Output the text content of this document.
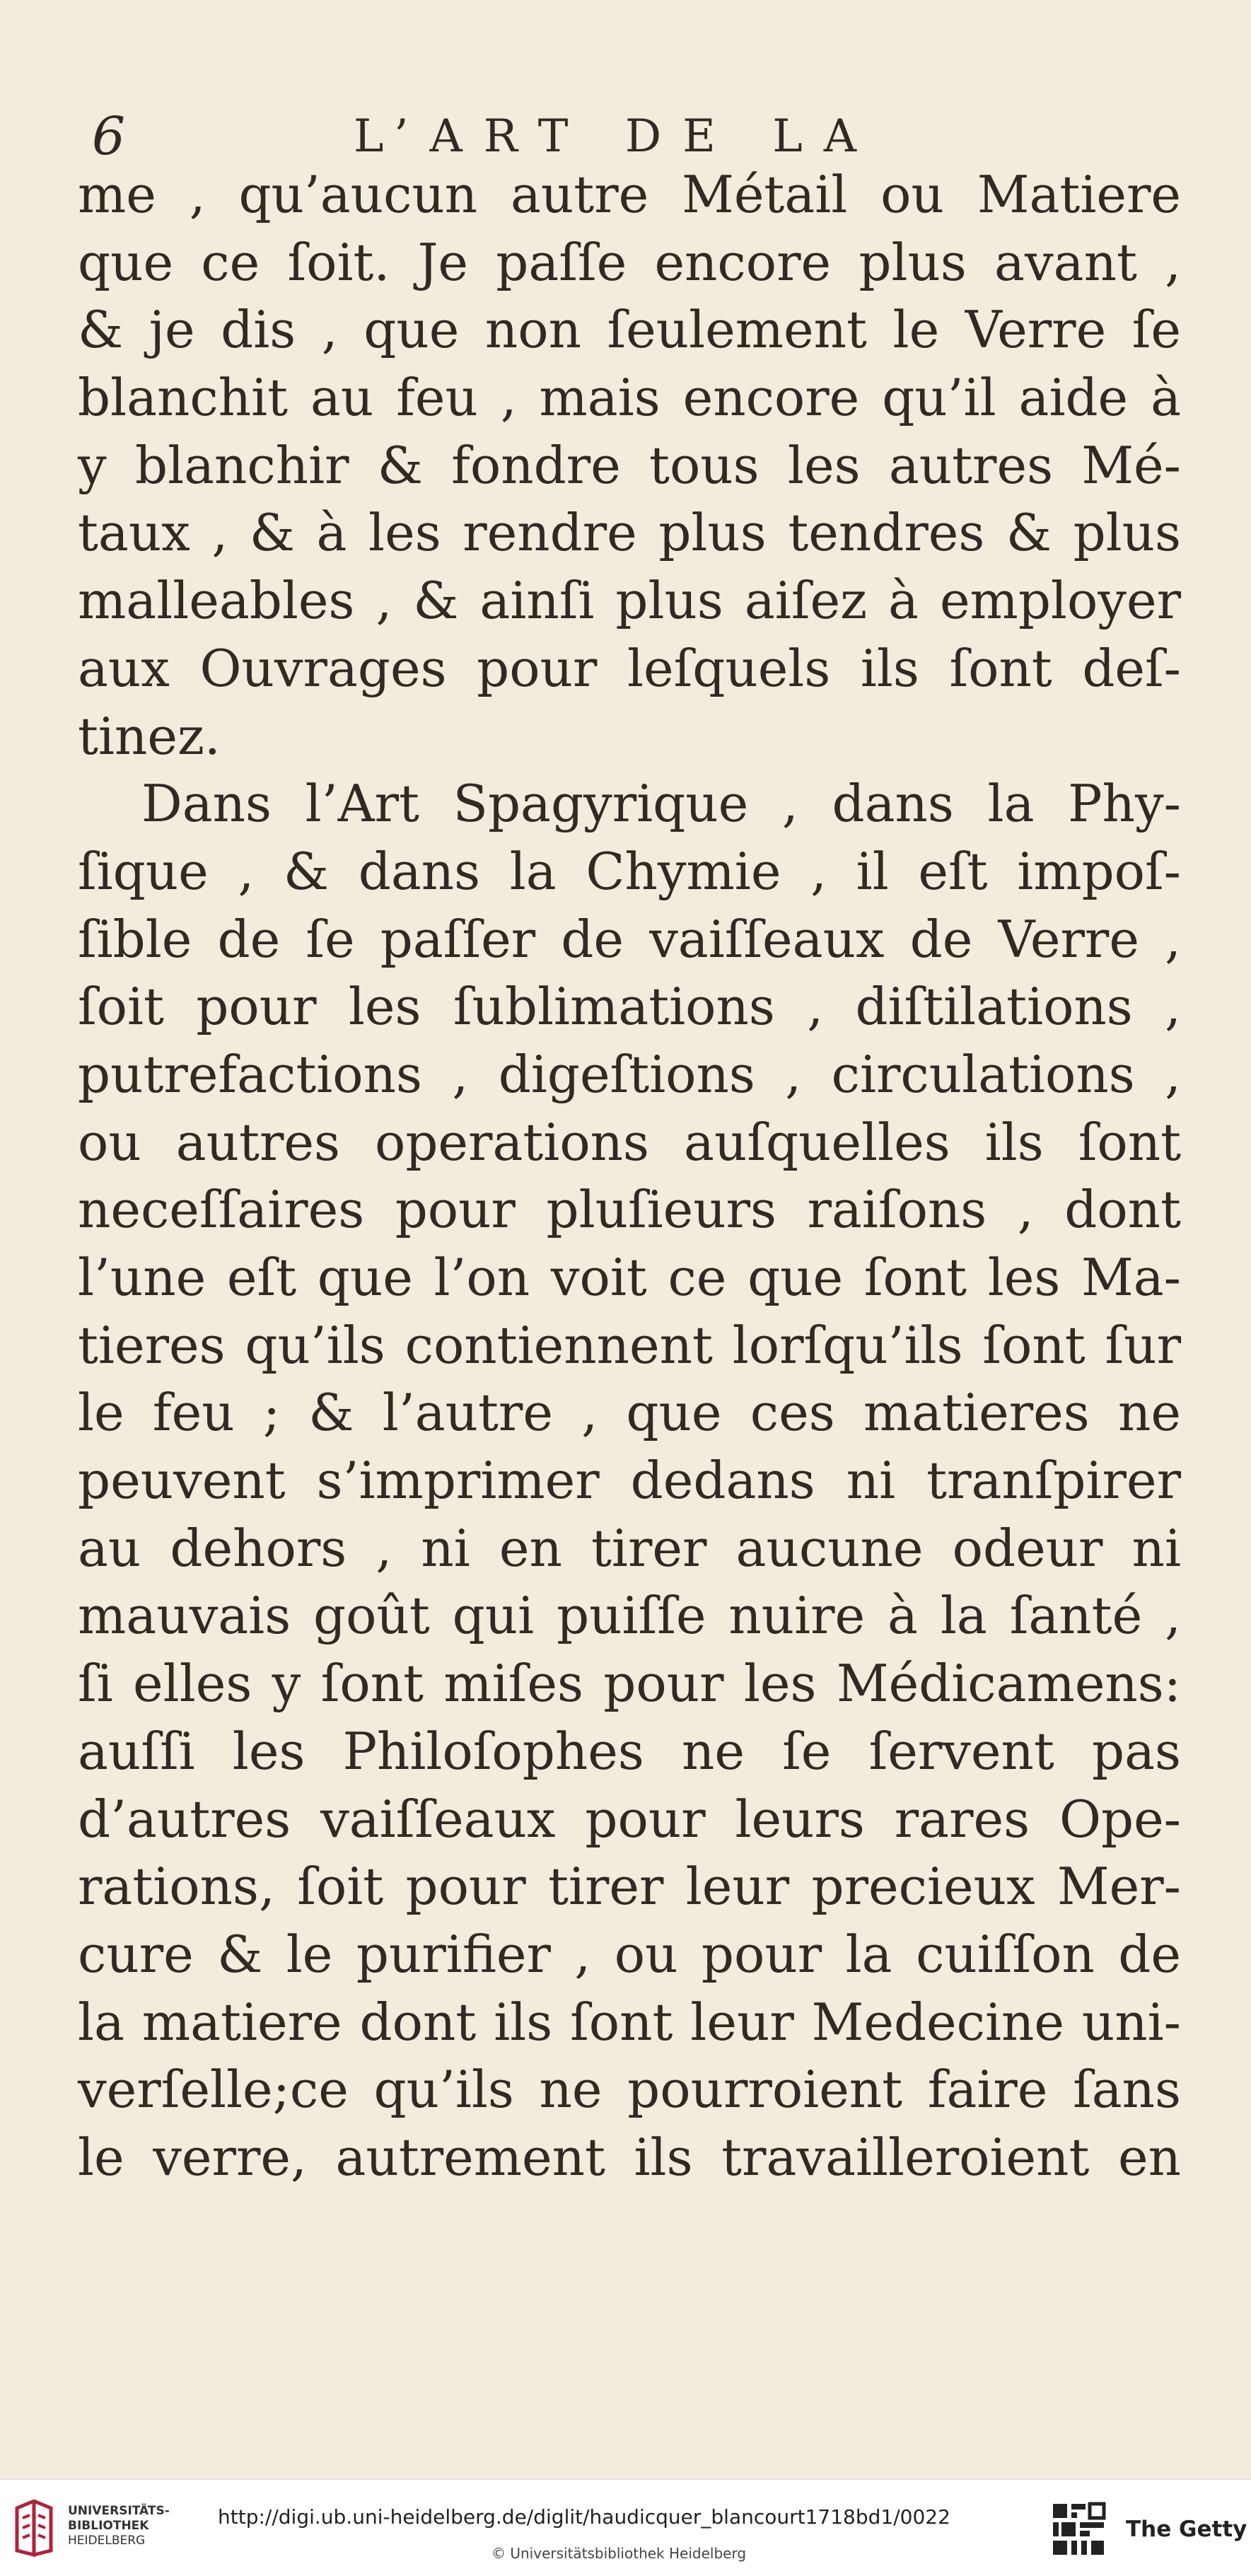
6	L’ART DE LA
me , qu’aucun autre Métail ou Matiere
que ce ſoit. Je paſſe encore plus avant ,
& je dis , que non ſeulement le Verre ſe
blanchit au feu , mais encore qu’il aide à
y blanchir & fondre tous les autres Mé-
taux , & à les rendre plus tendres & plus
malleables , & ainſi plus aiſez à employer
aux Ouvrages pour leſquels ils ſont deſ-
tinez.
Dans l’Art Spagyrique , dans la Phy-
ſique , & dans la Chymie , il eſt impoſ-
ſible de ſe paſſer de vaiſſeaux de Verre ,
ſoit pour les ſublimations , diſtilations ,
putrefactions , digeſtions , circulations ,
ou autres operations auſquelles ils ſont
neceſſaires pour pluſieurs raiſons , dont
l’une eſt que l’on voit ce que ſont les Ma-
tieres qu’ils contiennent lorſqu’ils ſont ſur
le feu ; & l’autre , que ces matieres ne
peuvent s’imprimer dedans ni tranſpirer
au dehors , ni en tirer aucune odeur ni
mauvais goût qui puiſſe nuire à la ſanté ,
ſi elles y ſont miſes pour les Médicamens:
auſſi les Philoſophes ne ſe ſervent pas
d’autres vaiſſeaux pour leurs rares Ope-
rations, ſoit pour tirer leur precieux Mer-
cure & le purifier , ou pour la cuiſſon de
la matiere dont ils ſont leur Medecine uni-
verſelle;ce qu’ils ne pourroient faire ſans
le verre, autrement ils travailleroient en
UNIVERSITÄTS-
BIBLIOTHEK
HEIDELBERG
http://digi.ub.uni-heidelberg.de/diglit/haudicquer_blancourt1718bd1/0022
© Universitätsbibliothek Heidelberg
The Getty
